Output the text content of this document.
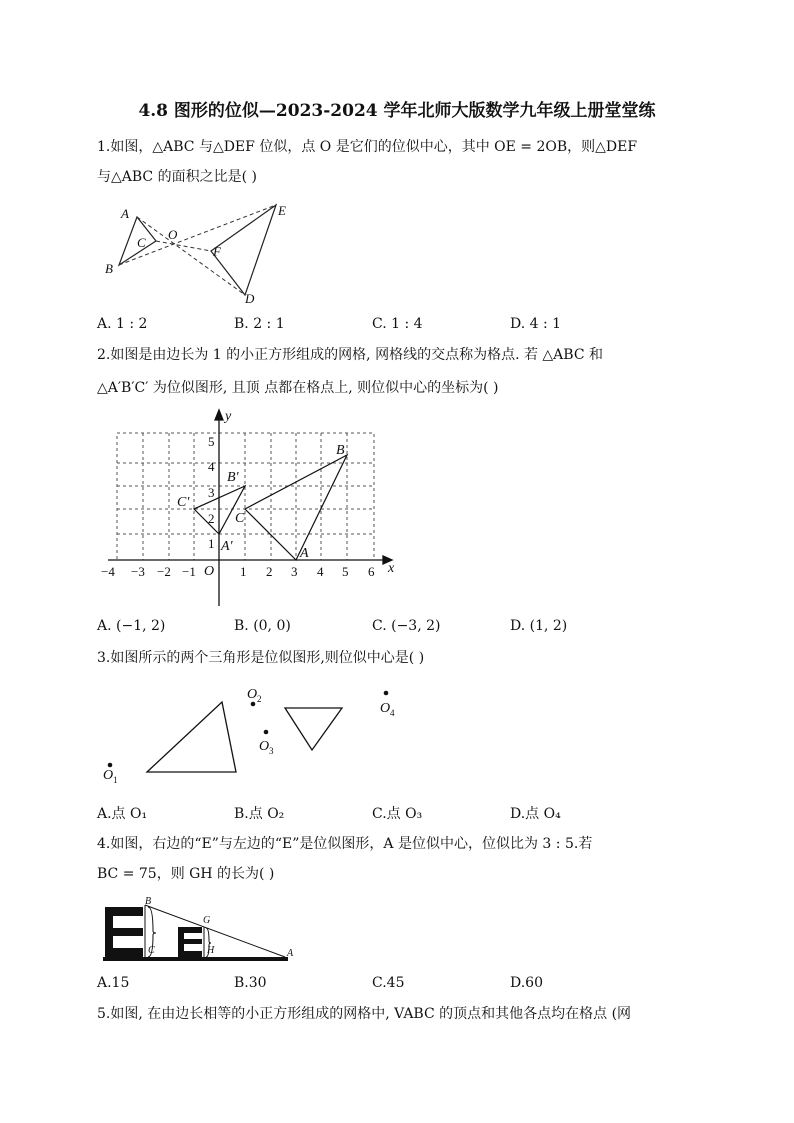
4.8 图形的位似—2023-2024 学年北师大版数学九年级上册堂堂练
1.如图，△ABC 与△DEF 位似，点 O 是它们的位似中心，其中 OE = 2OB，则△DEF
与△ABC 的面积之比是( )
A
B
C
O
E
F
D
A. 1 : 2	B. 2 : 1	C. 1 : 4	D. 4 : 1
2.如图是由边长为 1 的小正方形组成的网格, 网格线的交点称为格点. 若 △ABC 和
△A′B′C′ 为位似图形, 且顶 点都在格点上, 则位似中心的坐标为( )
−4 −3 −2 −1	1 2 3 4 5 6
1
2
3
4
5
x
y
O
A
B
C
A′
B′
C′
A. (−1, 2)	B. (0, 0)	C. (−3, 2)	D. (1, 2)
3.如图所示的两个三角形是位似图形,则位似中心是( )
O 1
O 2
O 3
O 4
A.点 O₁	B.点 O₂	C.点 O₃	D.点 O₄
4.如图，右边的“E”与左边的“E”是位似图形，A 是位似中心，位似比为 3 : 5.若
BC = 75，则 GH 的长为( )
B
C
G
H	A
A.15	B.30	C.45	D.60
5.如图, 在由边长相等的小正方形组成的网格中, VABC 的顶点和其他各点均在格点 (网
